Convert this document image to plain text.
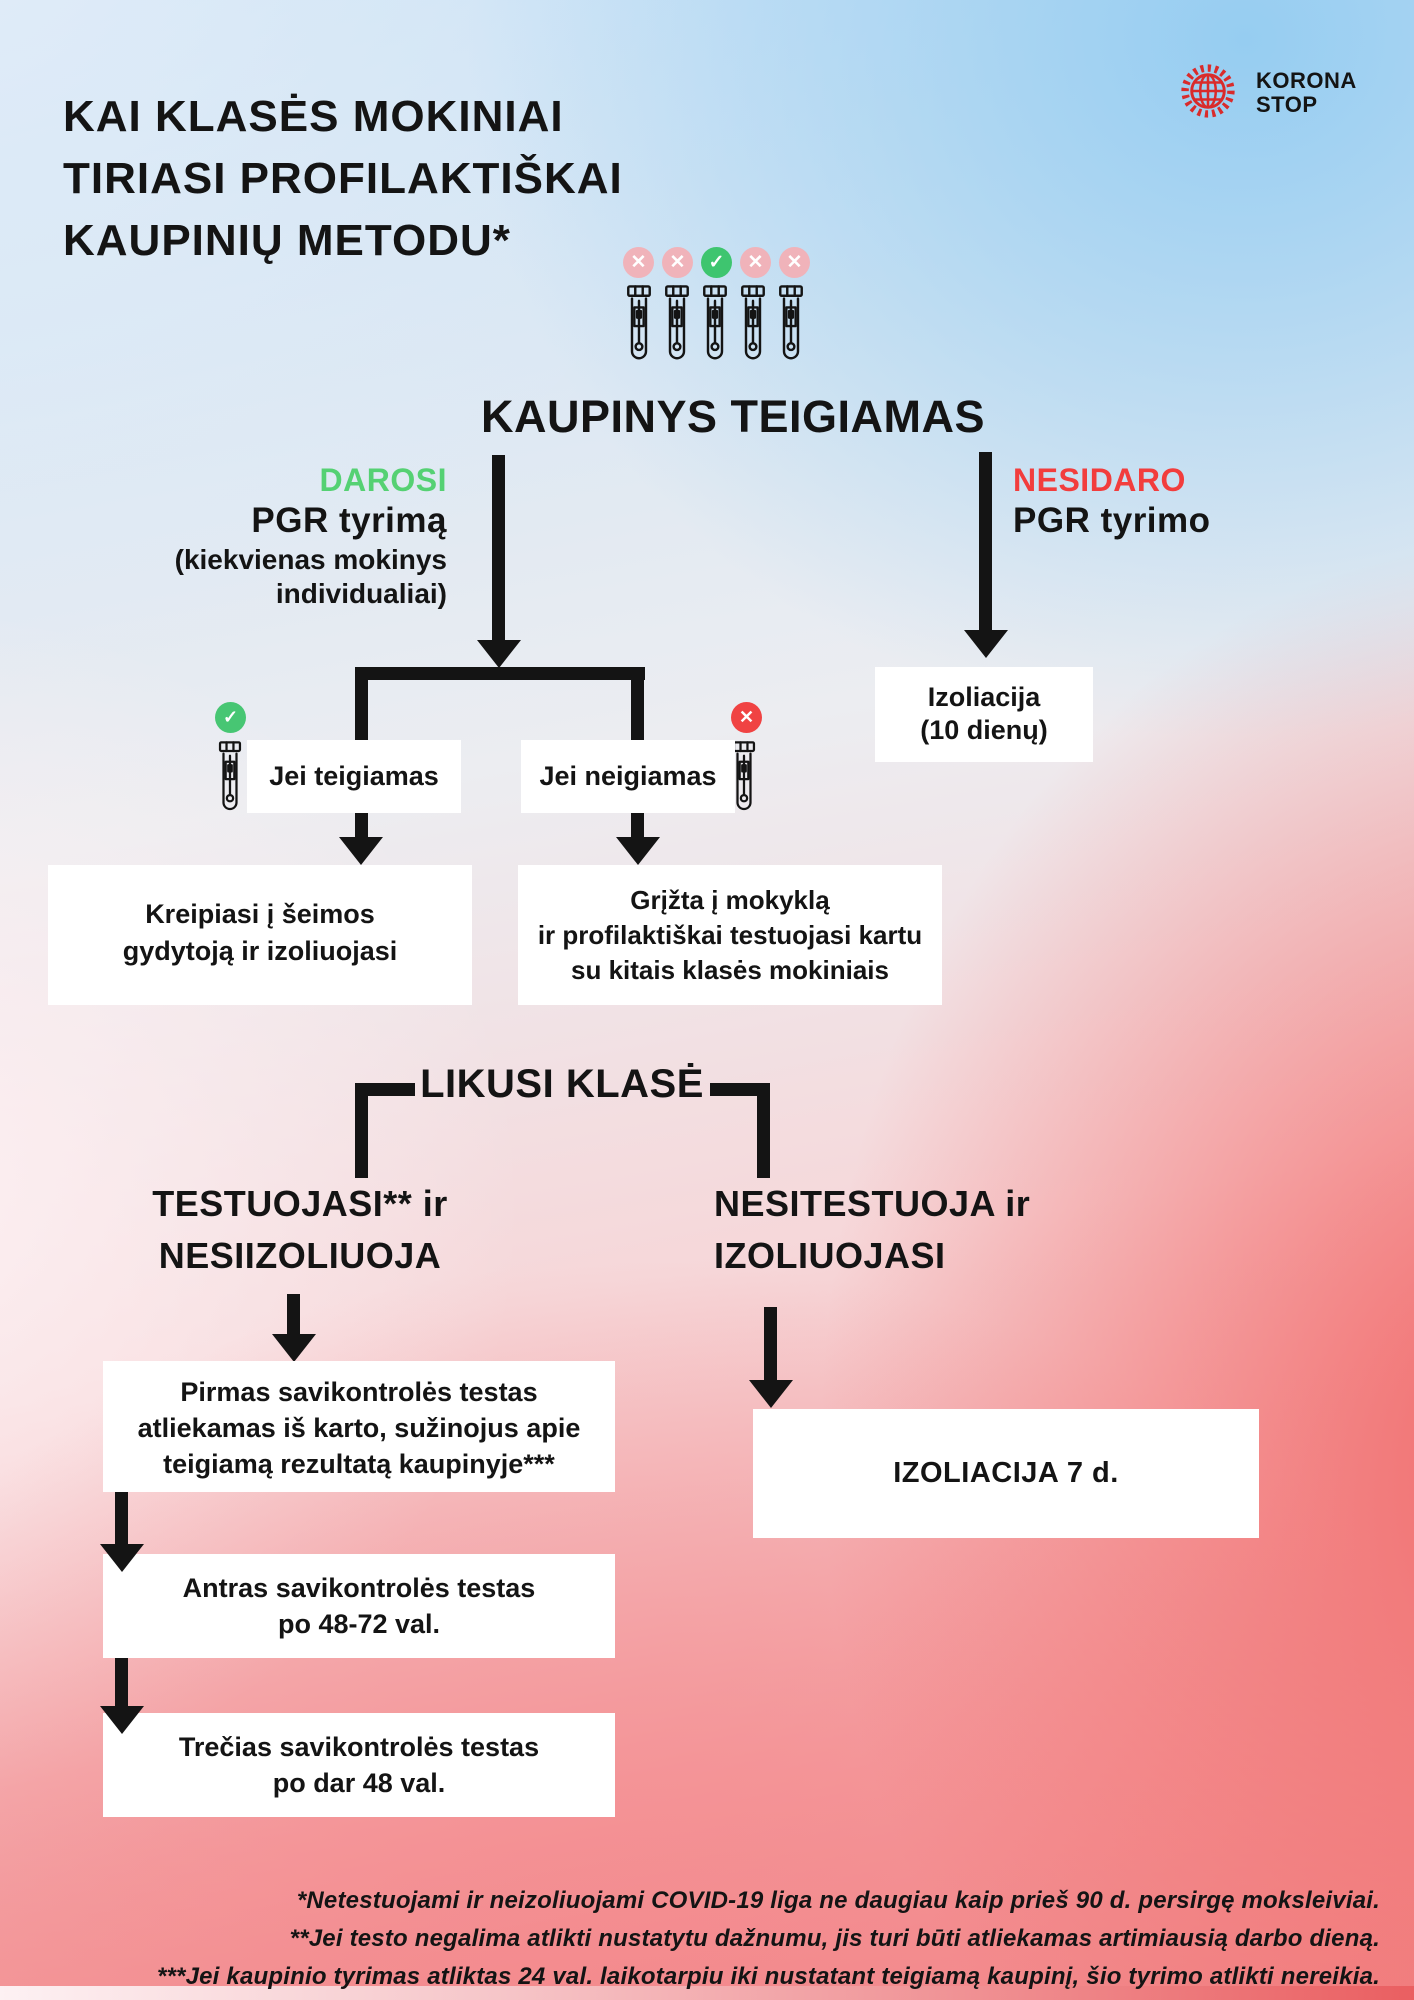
KAI KLASĖS MOKINIAI
TIRIASI PROFILAKTIŠKAI
KAUPINIŲ METODU*
KORONA
STOP
✕	✕	✓	✕	✕
KAUPINYS TEIGIAMAS
DAROSI
PGR tyrimą
(kiekvienas mokinys
individualiai)
NESIDARO
PGR tyrimo
Izoliacija
(10 dienų)
✓
Jei teigiamas	Jei neigiamas
✕
Kreipiasi į šeimos
gydytoją ir izoliuojasi
Grįžta į mokyklą
ir profilaktiškai testuojasi kartu
su kitais klasės mokiniais
LIKUSI KLASĖ
TESTUOJASI** ir
NESIIZOLIUOJA
NESITESTUOJA ir
IZOLIUOJASI
Pirmas savikontrolės testas
atliekamas iš karto, sužinojus apie
teigiamą rezultatą kaupinyje***
Antras savikontrolės testas
po 48-72 val.
Trečias savikontrolės testas
po dar 48 val.
IZOLIACIJA 7 d.
*Netestuojami ir neizoliuojami COVID-19 liga ne daugiau kaip prieš 90 d. persirgę moksleiviai.
**Jei testo negalima atlikti nustatytu dažnumu, jis turi būti atliekamas artimiausią darbo dieną.
***Jei kaupinio tyrimas atliktas 24 val. laikotarpiu iki nustatant teigiamą kaupinį, šio tyrimo atlikti nereikia.
